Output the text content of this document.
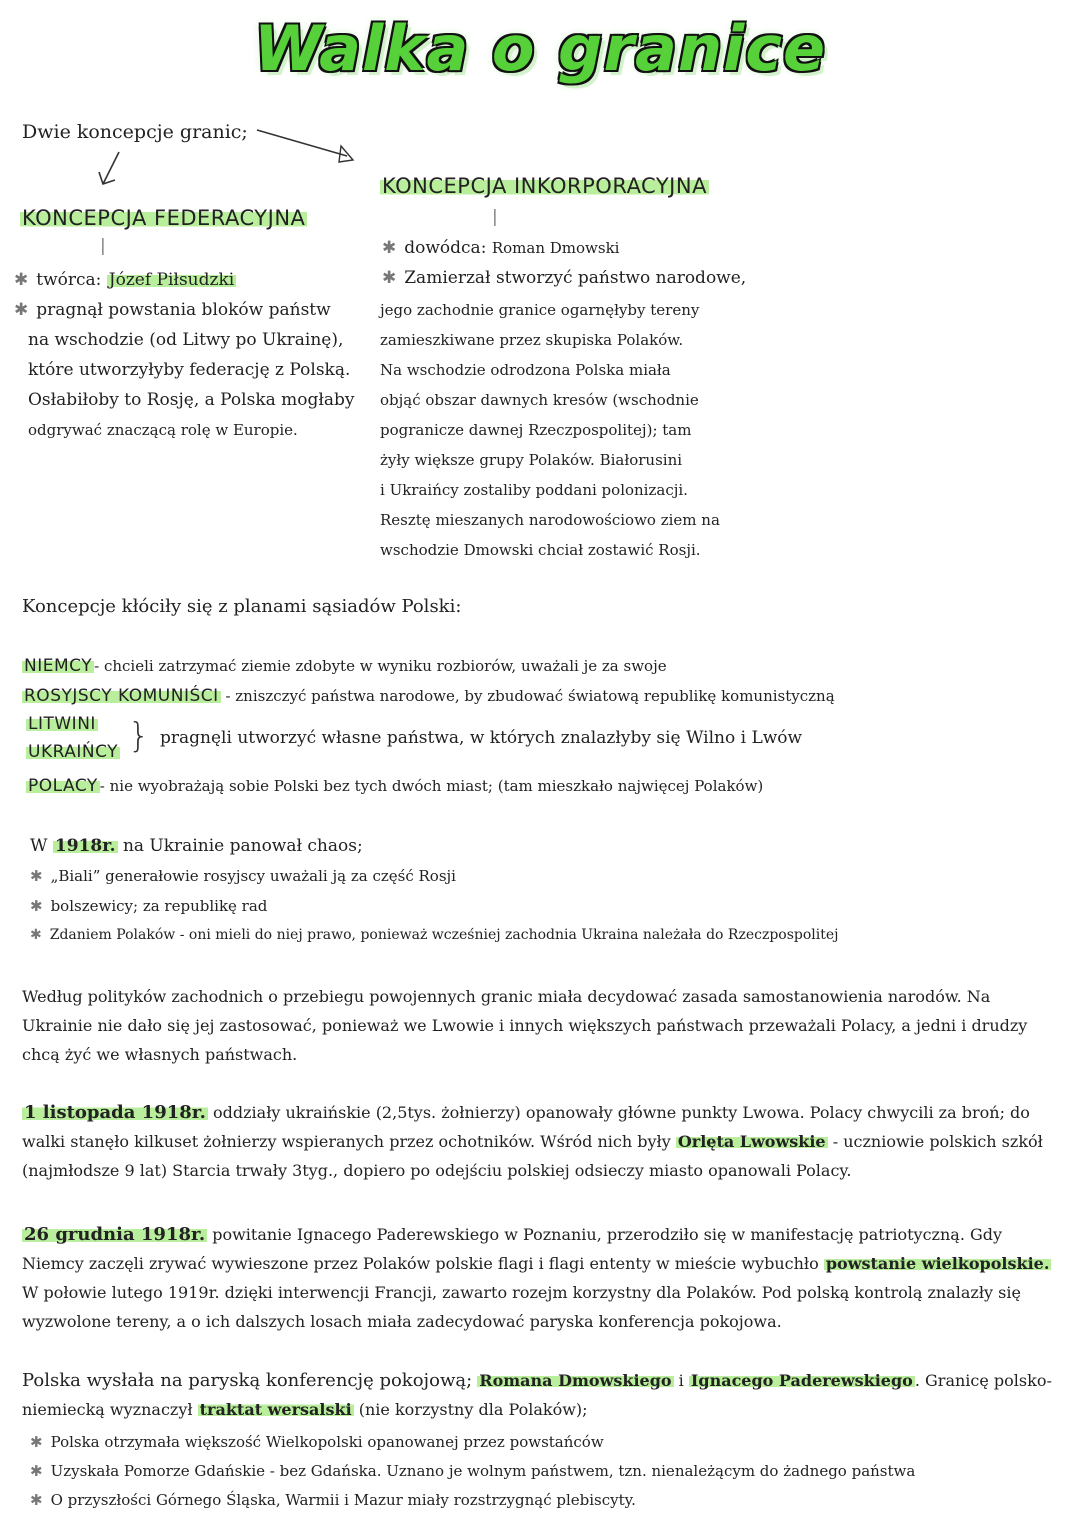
Walka o granice
Dwie koncepcje granic;
KONCEPCJA FEDERACYJNA
|
✱ twórca: Józef Piłsudzki
✱ pragnął powstania bloków państw
na wschodzie (od Litwy po Ukrainę),
które utworzyłyby federację z Polską.
Osłabiłoby to Rosję, a Polska mogłaby
odgrywać znaczącą rolę w Europie.
KONCEPCJA INKORPORACYJNA
|
✱ dowódca: Roman Dmowski
✱ Zamierzał stworzyć państwo narodowe,
jego zachodnie granice ogarnęłyby tereny
zamieszkiwane przez skupiska Polaków.
Na wschodzie odrodzona Polska miała
objąć obszar dawnych kresów (wschodnie
pogranicze dawnej Rzeczpospolitej); tam
żyły większe grupy Polaków. Białorusini
i Ukraińcy zostaliby poddani polonizacji.
Resztę mieszanych narodowościowo ziem na
wschodzie Dmowski chciał zostawić Rosji.
Koncepcje kłóciły się z planami sąsiadów Polski:
NIEMCY - chcieli zatrzymać ziemie zdobyte w wyniku rozbiorów, uważali je za swoje
ROSYJSCY KOMUNIŚCI - zniszczyć państwa narodowe, by zbudować światową republikę komunistyczną
LITWINI
UKRAIŃCY } pragnęli utworzyć własne państwa, w których znalazłyby się Wilno i Lwów
POLACY - nie wyobrażają sobie Polski bez tych dwóch miast; (tam mieszkało najwięcej Polaków)
W 1918r. na Ukrainie panował chaos;
✱ „Biali” generałowie rosyjscy uważali ją za część Rosji
✱ bolszewicy; za republikę rad
✱ Zdaniem Polaków - oni mieli do niej prawo, ponieważ wcześniej zachodnia Ukraina należała do Rzeczpospolitej
Według polityków zachodnich o przebiegu powojennych granic miała decydować zasada samostanowienia narodów. Na Ukrainie nie dało się jej zastosować, ponieważ we Lwowie i innych większych państwach przeważali Polacy, a jedni i drudzy chcą żyć we własnych państwach.
1 listopada 1918r. oddziały ukraińskie (2,5tys. żołnierzy) opanowały główne punkty Lwowa. Polacy chwycili za broń; do walki stanęło kilkuset żołnierzy wspieranych przez ochotników. Wśród nich były Orlęta Lwowskie - uczniowie polskich szkół (najmłodsze 9 lat) Starcia trwały 3tyg., dopiero po odejściu polskiej odsieczy miasto opanowali Polacy.
26 grudnia 1918r. powitanie Ignacego Paderewskiego w Poznaniu, przerodziło się w manifestację patriotyczną. Gdy Niemcy zaczęli zrywać wywieszone przez Polaków polskie flagi i flagi ententy w mieście wybuchło powstanie wielkopolskie. W połowie lutego 1919r. dzięki interwencji Francji, zawarto rozejm korzystny dla Polaków. Pod polską kontrolą znalazły się wyzwolone tereny, a o ich dalszych losach miała zadecydować paryska konferencja pokojowa.
Polska wysłała na paryską konferencję pokojową; Romana Dmowskiego i Ignacego Paderewskiego . Granicę polsko-niemiecką wyznaczył traktat wersalski (nie korzystny dla Polaków);
✱ Polska otrzymała większość Wielkopolski opanowanej przez powstańców
✱ Uzyskała Pomorze Gdańskie - bez Gdańska. Uznano je wolnym państwem, tzn. nienależącym do żadnego państwa
✱ O przyszłości Górnego Śląska, Warmii i Mazur miały rozstrzygnąć plebiscyty.
